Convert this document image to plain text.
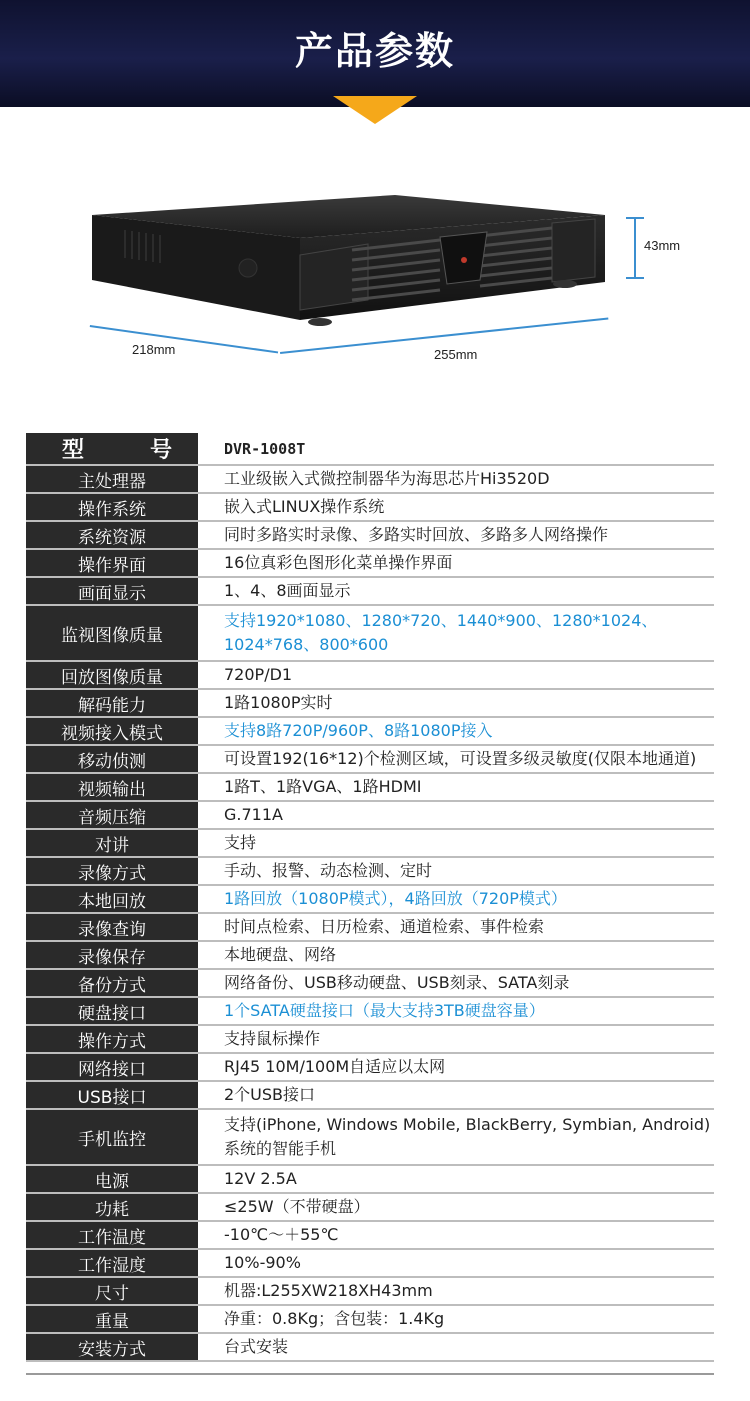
产品参数
43mm
218mm	255mm
型 号		DVR-1008T
主处理器		工业级嵌入式微控制器华为海思芯片Hi3520D
操作系统		嵌入式LINUX操作系统
系统资源		同时多路实时录像、多路实时回放、多路多人网络操作
操作界面		16位真彩色图形化菜单操作界面
画面显示		1、4、8画面显示
监视图像质量		支持1920*1080、1280*720、1440*900、1280*1024、1024*768、800*600
回放图像质量		720P/D1
解码能力		1路1080P实时
视频接入模式		支持8路720P/960P、8路1080P接入
移动侦测		可设置192(16*12)个检测区域，可设置多级灵敏度(仅限本地通道)
视频输出		1路T、1路VGA、1路HDMI
音频压缩		G.711A
对讲		支持
录像方式		手动、报警、动态检测、定时
本地回放		1路回放（1080P模式），4路回放（720P模式）
录像查询		时间点检索、日历检索、通道检索、事件检索
录像保存		本地硬盘、网络
备份方式		网络备份、USB移动硬盘、USB刻录、SATA刻录
硬盘接口		1个SATA硬盘接口（最大支持3TB硬盘容量）
操作方式		支持鼠标操作
网络接口		RJ45 10M/100M自适应以太网
USB接口		2个USB接口
手机监控		支持(iPhone, Windows Mobile, BlackBerry, Symbian, Android)系统的智能手机
电源		12V 2.5A
功耗		≤25W（不带硬盘）
工作温度		-10℃～＋55℃
工作湿度		10%-90%
尺寸		机器:L255XW218XH43mm
重量		净重：0.8Kg；含包装：1.4Kg
安装方式		台式安装
